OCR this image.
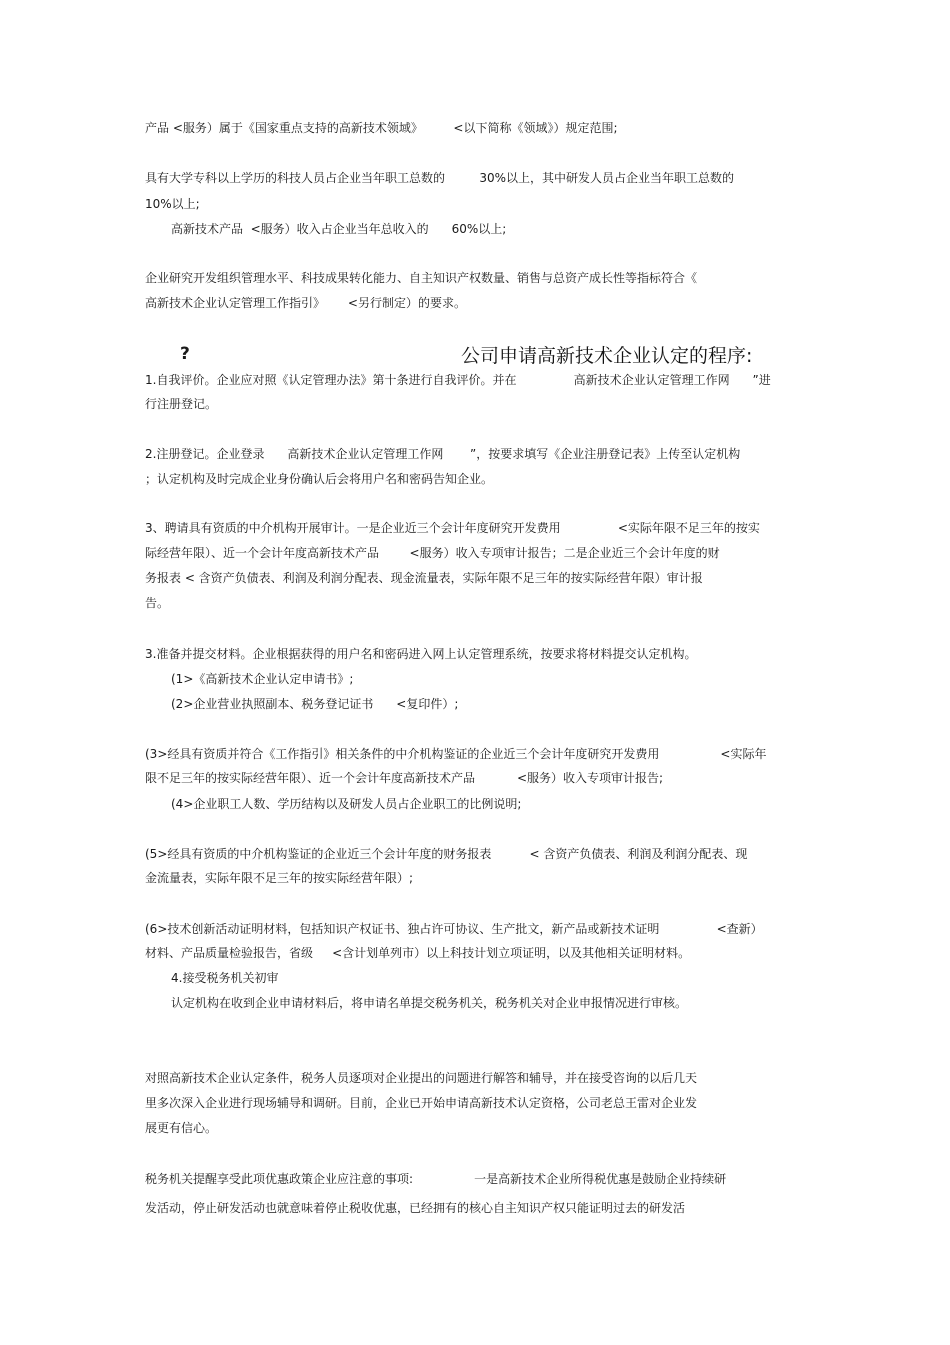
产品 <服务）属于《国家重点支持的高新技术领域》        <以下简称《领域》）规定范围;
具有大学专科以上学历的科技人员占企业当年职工总数的         30%以上，其中研发人员占企业当年职工总数的
10%以上;
高新技术产品  <服务）收入占企业当年总收入的      60%以上;
企业研究开发组织管理水平、科技成果转化能力、自主知识产权数量、销售与总资产成长性等指标符合《
高新技术企业认定管理工作指引》      <另行制定）的要求。
?	公司申请高新技术企业认定的程序:
1.自我评价。企业应对照《认定管理办法》第十条进行自我评价。并在               高新技术企业认定管理工作网      ”进
行注册登记。
2.注册登记。企业登录      高新技术企业认定管理工作网       ”，按要求填写《企业注册登记表》上传至认定机构
；认定机构及时完成企业身份确认后会将用户名和密码告知企业。
3、聘请具有资质的中介机构开展审计。一是企业近三个会计年度研究开发费用               <实际年限不足三年的按实
际经营年限）、近一个会计年度高新技术产品        <服务）收入专项审计报告；二是企业近三个会计年度的财
务报表 < 含资产负债表、利润及利润分配表、现金流量表，实际年限不足三年的按实际经营年限）审计报
告。
3.准备并提交材料。企业根据获得的用户名和密码进入网上认定管理系统，按要求将材料提交认定机构。
(1>《高新技术企业认定申请书》;
(2>企业营业执照副本、税务登记证书      <复印件）;
(3>经具有资质并符合《工作指引》相关条件的中介机构鉴证的企业近三个会计年度研究开发费用                <实际年
限不足三年的按实际经营年限）、近一个会计年度高新技术产品           <服务）收入专项审计报告;
(4>企业职工人数、学历结构以及研发人员占企业职工的比例说明;
(5>经具有资质的中介机构鉴证的企业近三个会计年度的财务报表          < 含资产负债表、利润及利润分配表、现
金流量表，实际年限不足三年的按实际经营年限）;
(6>技术创新活动证明材料，包括知识产权证书、独占许可协议、生产批文，新产品或新技术证明               <查新）
材料、产品质量检验报告，省级     <含计划单列市）以上科技计划立项证明，以及其他相关证明材料。
4.接受税务机关初审
认定机构在收到企业申请材料后，将申请名单提交税务机关，税务机关对企业申报情况进行审核。
对照高新技术企业认定条件，税务人员逐项对企业提出的问题进行解答和辅导，并在接受咨询的以后几天
里多次深入企业进行现场辅导和调研。目前，企业已开始申请高新技术认定资格，公司老总王雷对企业发
展更有信心。
税务机关提醒享受此项优惠政策企业应注意的事项:                一是高新技术企业所得税优惠是鼓励企业持续研
发活动，停止研发活动也就意味着停止税收优惠，已经拥有的核心自主知识产权只能证明过去的研发活
